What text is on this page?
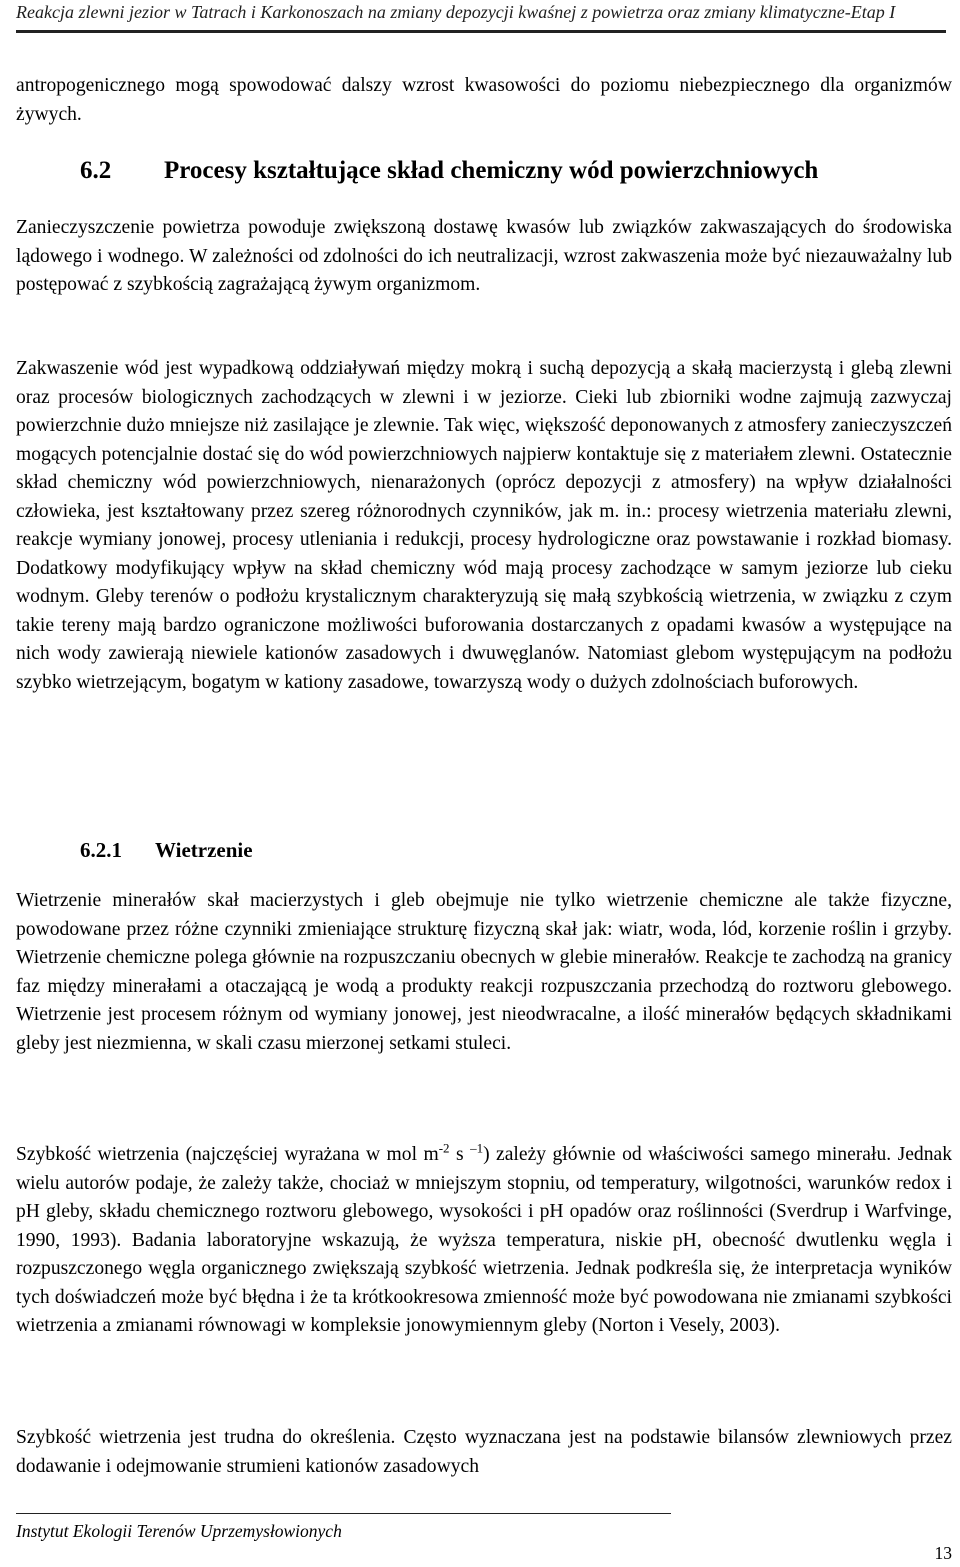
Reakcja zlewni jezior w Tatrach i Karkonoszach na zmiany depozycji kwaśnej z powietrza oraz zmiany klimatyczne-Etap I

antropogenicznego mogą spowodować dalszy wzrost kwasowości do poziomu niebezpiecznego dla organizmów żywych.

6.2 Procesy kształtujące skład chemiczny wód powierzchniowych

Zanieczyszczenie powietrza powoduje zwiększoną dostawę kwasów lub związków zakwaszających do środowiska lądowego i wodnego. W zależności od zdolności do ich neutralizacji, wzrost zakwaszenia może być niezauważalny lub postępować z szybkością zagrażającą żywym organizmom.

Zakwaszenie wód jest wypadkową oddziaływań między mokrą i suchą depozycją a skałą macierzystą i glebą zlewni oraz procesów biologicznych zachodzących w zlewni i w jeziorze. Cieki lub zbiorniki wodne zajmują zazwyczaj powierzchnie dużo mniejsze niż zasilające je zlewnie. Tak więc, większość deponowanych z atmosfery zanieczyszczeń mogących potencjalnie dostać się do wód powierzchniowych najpierw kontaktuje się z materiałem zlewni. Ostatecznie skład chemiczny wód powierzchniowych, nienarażonych (oprócz depozycji z atmosfery) na wpływ działalności człowieka, jest kształtowany przez szereg różnorodnych czynników, jak m. in.: procesy wietrzenia materiału zlewni, reakcje wymiany jonowej, procesy utleniania i redukcji, procesy hydrologiczne oraz powstawanie i rozkład biomasy. Dodatkowy modyfikujący wpływ na skład chemiczny wód mają procesy zachodzące w samym jeziorze lub cieku wodnym. Gleby terenów o podłożu krystalicznym charakteryzują się małą szybkością wietrzenia, w związku z czym takie tereny mają bardzo ograniczone możliwości buforowania dostarczanych z opadami kwasów a występujące na nich wody zawierają niewiele kationów zasadowych i dwuwęglanów. Natomiast glebom występującym na podłożu szybko wietrzejącym, bogatym w kationy zasadowe, towarzyszą wody o dużych zdolnościach buforowych.

6.2.1 Wietrzenie

Wietrzenie minerałów skał macierzystych i gleb obejmuje nie tylko wietrzenie chemiczne ale także fizyczne, powodowane przez różne czynniki zmieniające strukturę fizyczną skał jak: wiatr, woda, lód, korzenie roślin i grzyby. Wietrzenie chemiczne polega głównie na rozpuszczaniu obecnych w glebie minerałów. Reakcje te zachodzą na granicy faz między minerałami a otaczającą je wodą a produkty reakcji rozpuszczania przechodzą do roztworu glebowego. Wietrzenie jest procesem różnym od wymiany jonowej, jest nieodwracalne, a ilość minerałów będących składnikami gleby jest niezmienna, w skali czasu mierzonej setkami stuleci.

Szybkość wietrzenia (najczęściej wyrażana w mol $m^{-2}$ s $^{-1}$) zależy głównie od właściwości samego minerału. Jednak wielu autorów podaje, że zależy także, chociaż w mniejszym stopniu, od temperatury, wilgotności, warunków redox i pH gleby, składu chemicznego roztworu glebowego, wysokości i pH opadów oraz roślinności (Sverdrup i Warfvinge, 1990, 1993). Badania laboratoryjne wskazują, że wyższa temperatura, niskie pH, obecność dwutlenku węgla i rozpuszczonego węgla organicznego zwiększają szybkość wietrzenia. Jednak podkreśla się, że interpretacja wyników tych doświadczeń może być błędna i że ta krótkookresowa zmienność może być powodowana nie zmianami szybkości wietrzenia a zmianami równowagi w kompleksie jonowymiennym gleby (Norton i Vesely, 2003).

Szybkość wietrzenia jest trudna do określenia. Często wyznaczana jest na podstawie bilansów zlewniowych przez dodawanie i odejmowanie strumieni kationów zasadowych

Instytut Ekologii Terenów Uprzemysłowionych
13
